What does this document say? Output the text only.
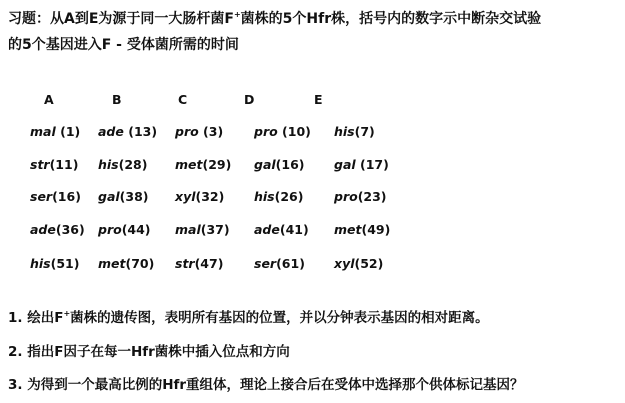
习题：从A到E为源于同一大肠杆菌F+菌株的5个Hfr株，括号内的数字示中断杂交试验
的5个基因进入F - 受体菌所需的时间
A	B	C	D	E
mal (1) ade (13) pro (3) pro (10) his(7)
str(11) his(28) met(29) gal(16) gal (17)
ser(16) gal(38) xyl(32) his(26) pro(23)
ade(36) pro(44) mal(37) ade(41) met(49)
his(51) met(70) str(47) ser(61) xyl(52)
1. 绘出F+菌株的遗传图，表明所有基因的位置，并以分钟表示基因的相对距离。
2. 指出F因子在每一Hfr菌株中插入位点和方向
3. 为得到一个最高比例的Hfr重组体，理论上接合后在受体中选择那个供体标记基因？
